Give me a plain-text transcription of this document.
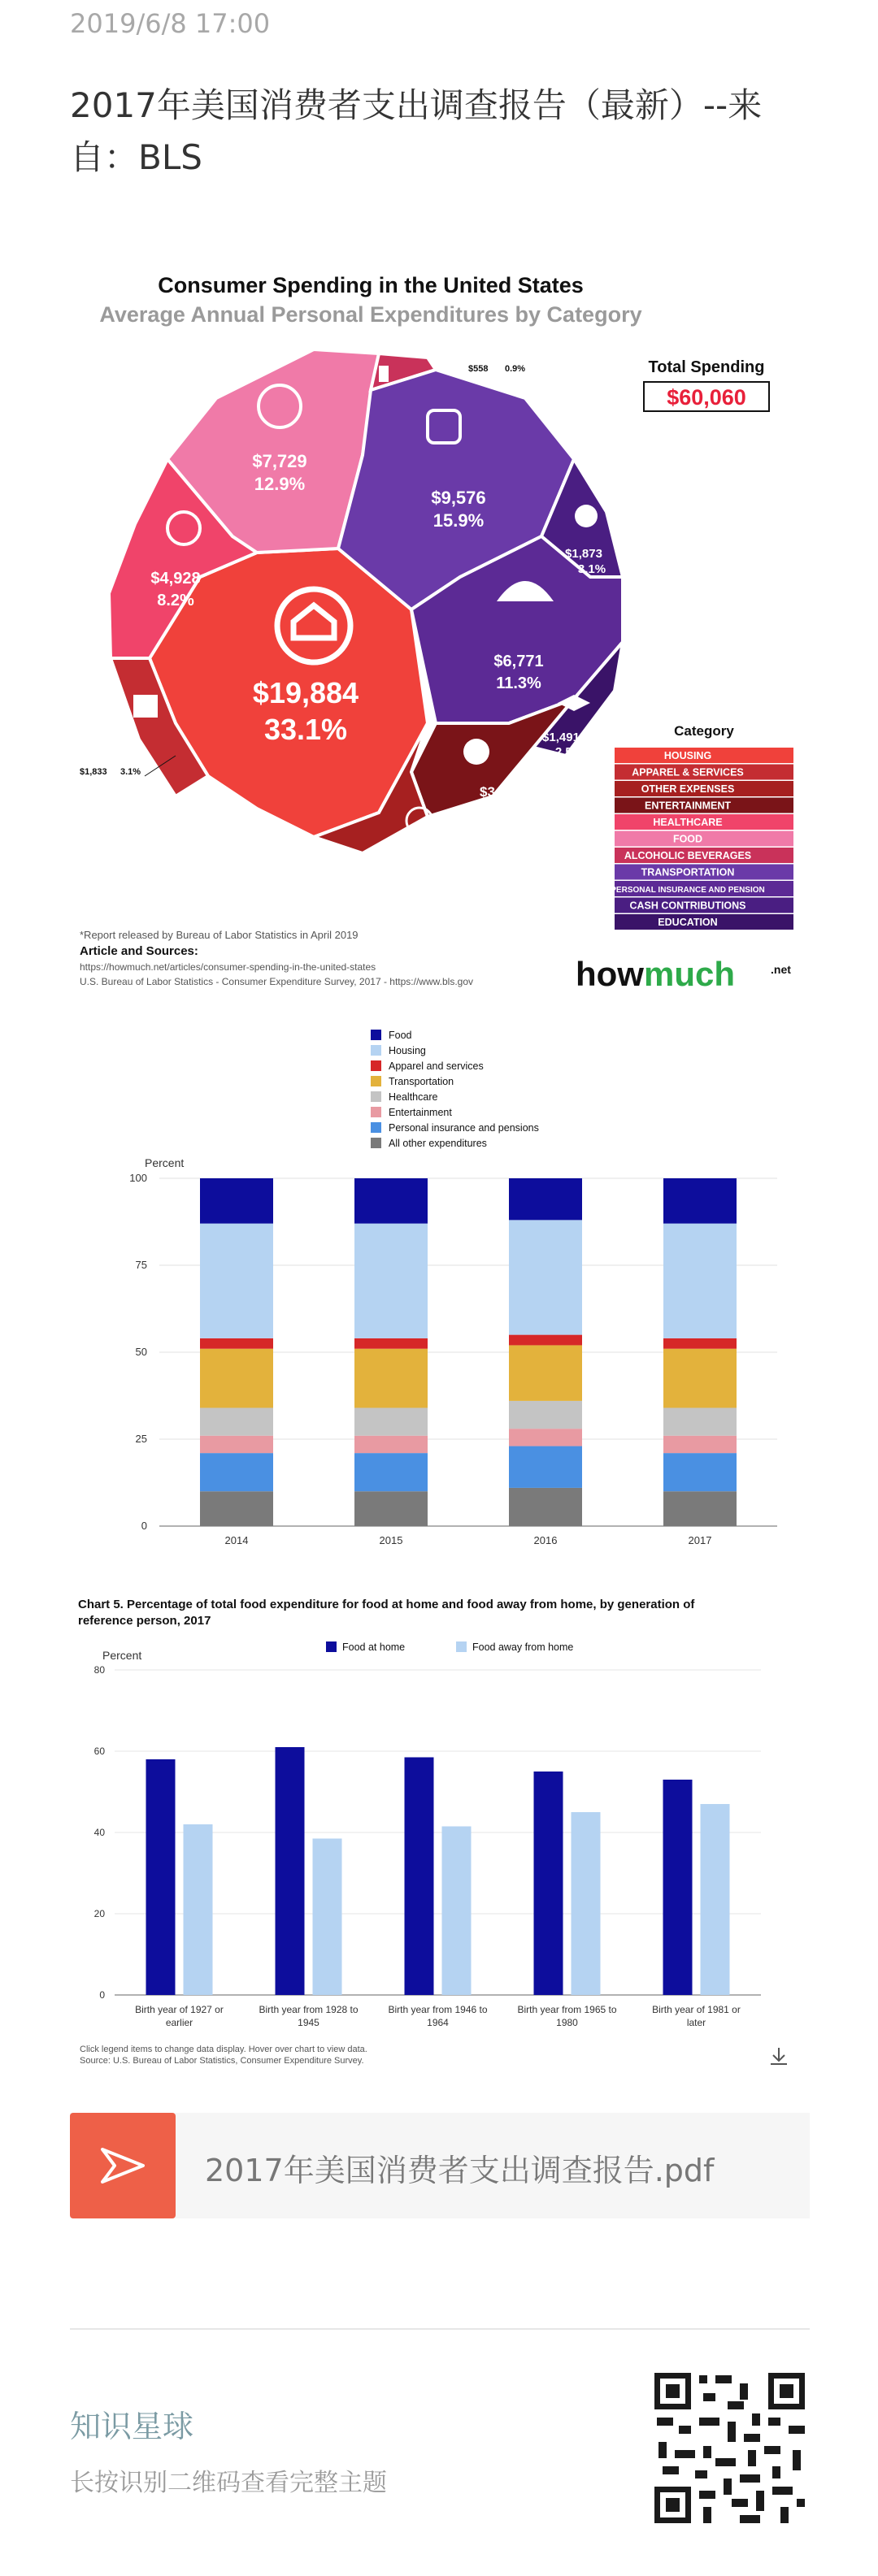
2019/6/8 17:00
2017年美国消费者支出调查报告（最新）--来自：BLS
Consumer Spending in the United States
Average Annual Personal Expenditures by Category
$19,884
33.1%
$7,729
12.9%
$4,928
8.2%
$9,576
15.9%
$6,771
11.3%
$1,873
3.1%
$1,491
2.5%
$3,203
5.3%
$2,214
3.7%
$558 0.9%
$1,833 3.1%
Total Spending
$60,060
Category
HOUSING
APPAREL & SERVICES
OTHER EXPENSES
ENTERTAINMENT
HEALTHCARE
FOOD
ALCOHOLIC BEVERAGES
TRANSPORTATION
PERSONAL INSURANCE AND PENSION
CASH CONTRIBUTIONS
EDUCATION
*Report released by Bureau of Labor Statistics in April 2019
Article and Sources:
https://howmuch.net/articles/consumer-spending-in-the-united-states
U.S. Bureau of Labor Statistics - Consumer Expenditure Survey, 2017 - https://www.bls.gov	howmuch	.net
Food
Housing
Apparel and services
Transportation
Healthcare
Entertainment
Personal insurance and pensions
All other expenditures
Percent
0
25
50
75
100
2014	2015	2016	2017
Chart 5. Percentage of total food expenditure for food at home and food away from home, by generation of reference person, 2017
Percent
Food at home	Food away from home
0
20
40
60
80
Birth year of 1927 or earlier
Birth year from 1928 to 1945
Birth year from 1946 to 1964
Birth year from 1965 to 1980
Birth year of 1981 or later
Click legend items to change data display. Hover over chart to view data.
Source: U.S. Bureau of Labor Statistics, Consumer Expenditure Survey.
2017年美国消费者支出调查报告.pdf
知识星球
长按识别二维码查看完整主题
